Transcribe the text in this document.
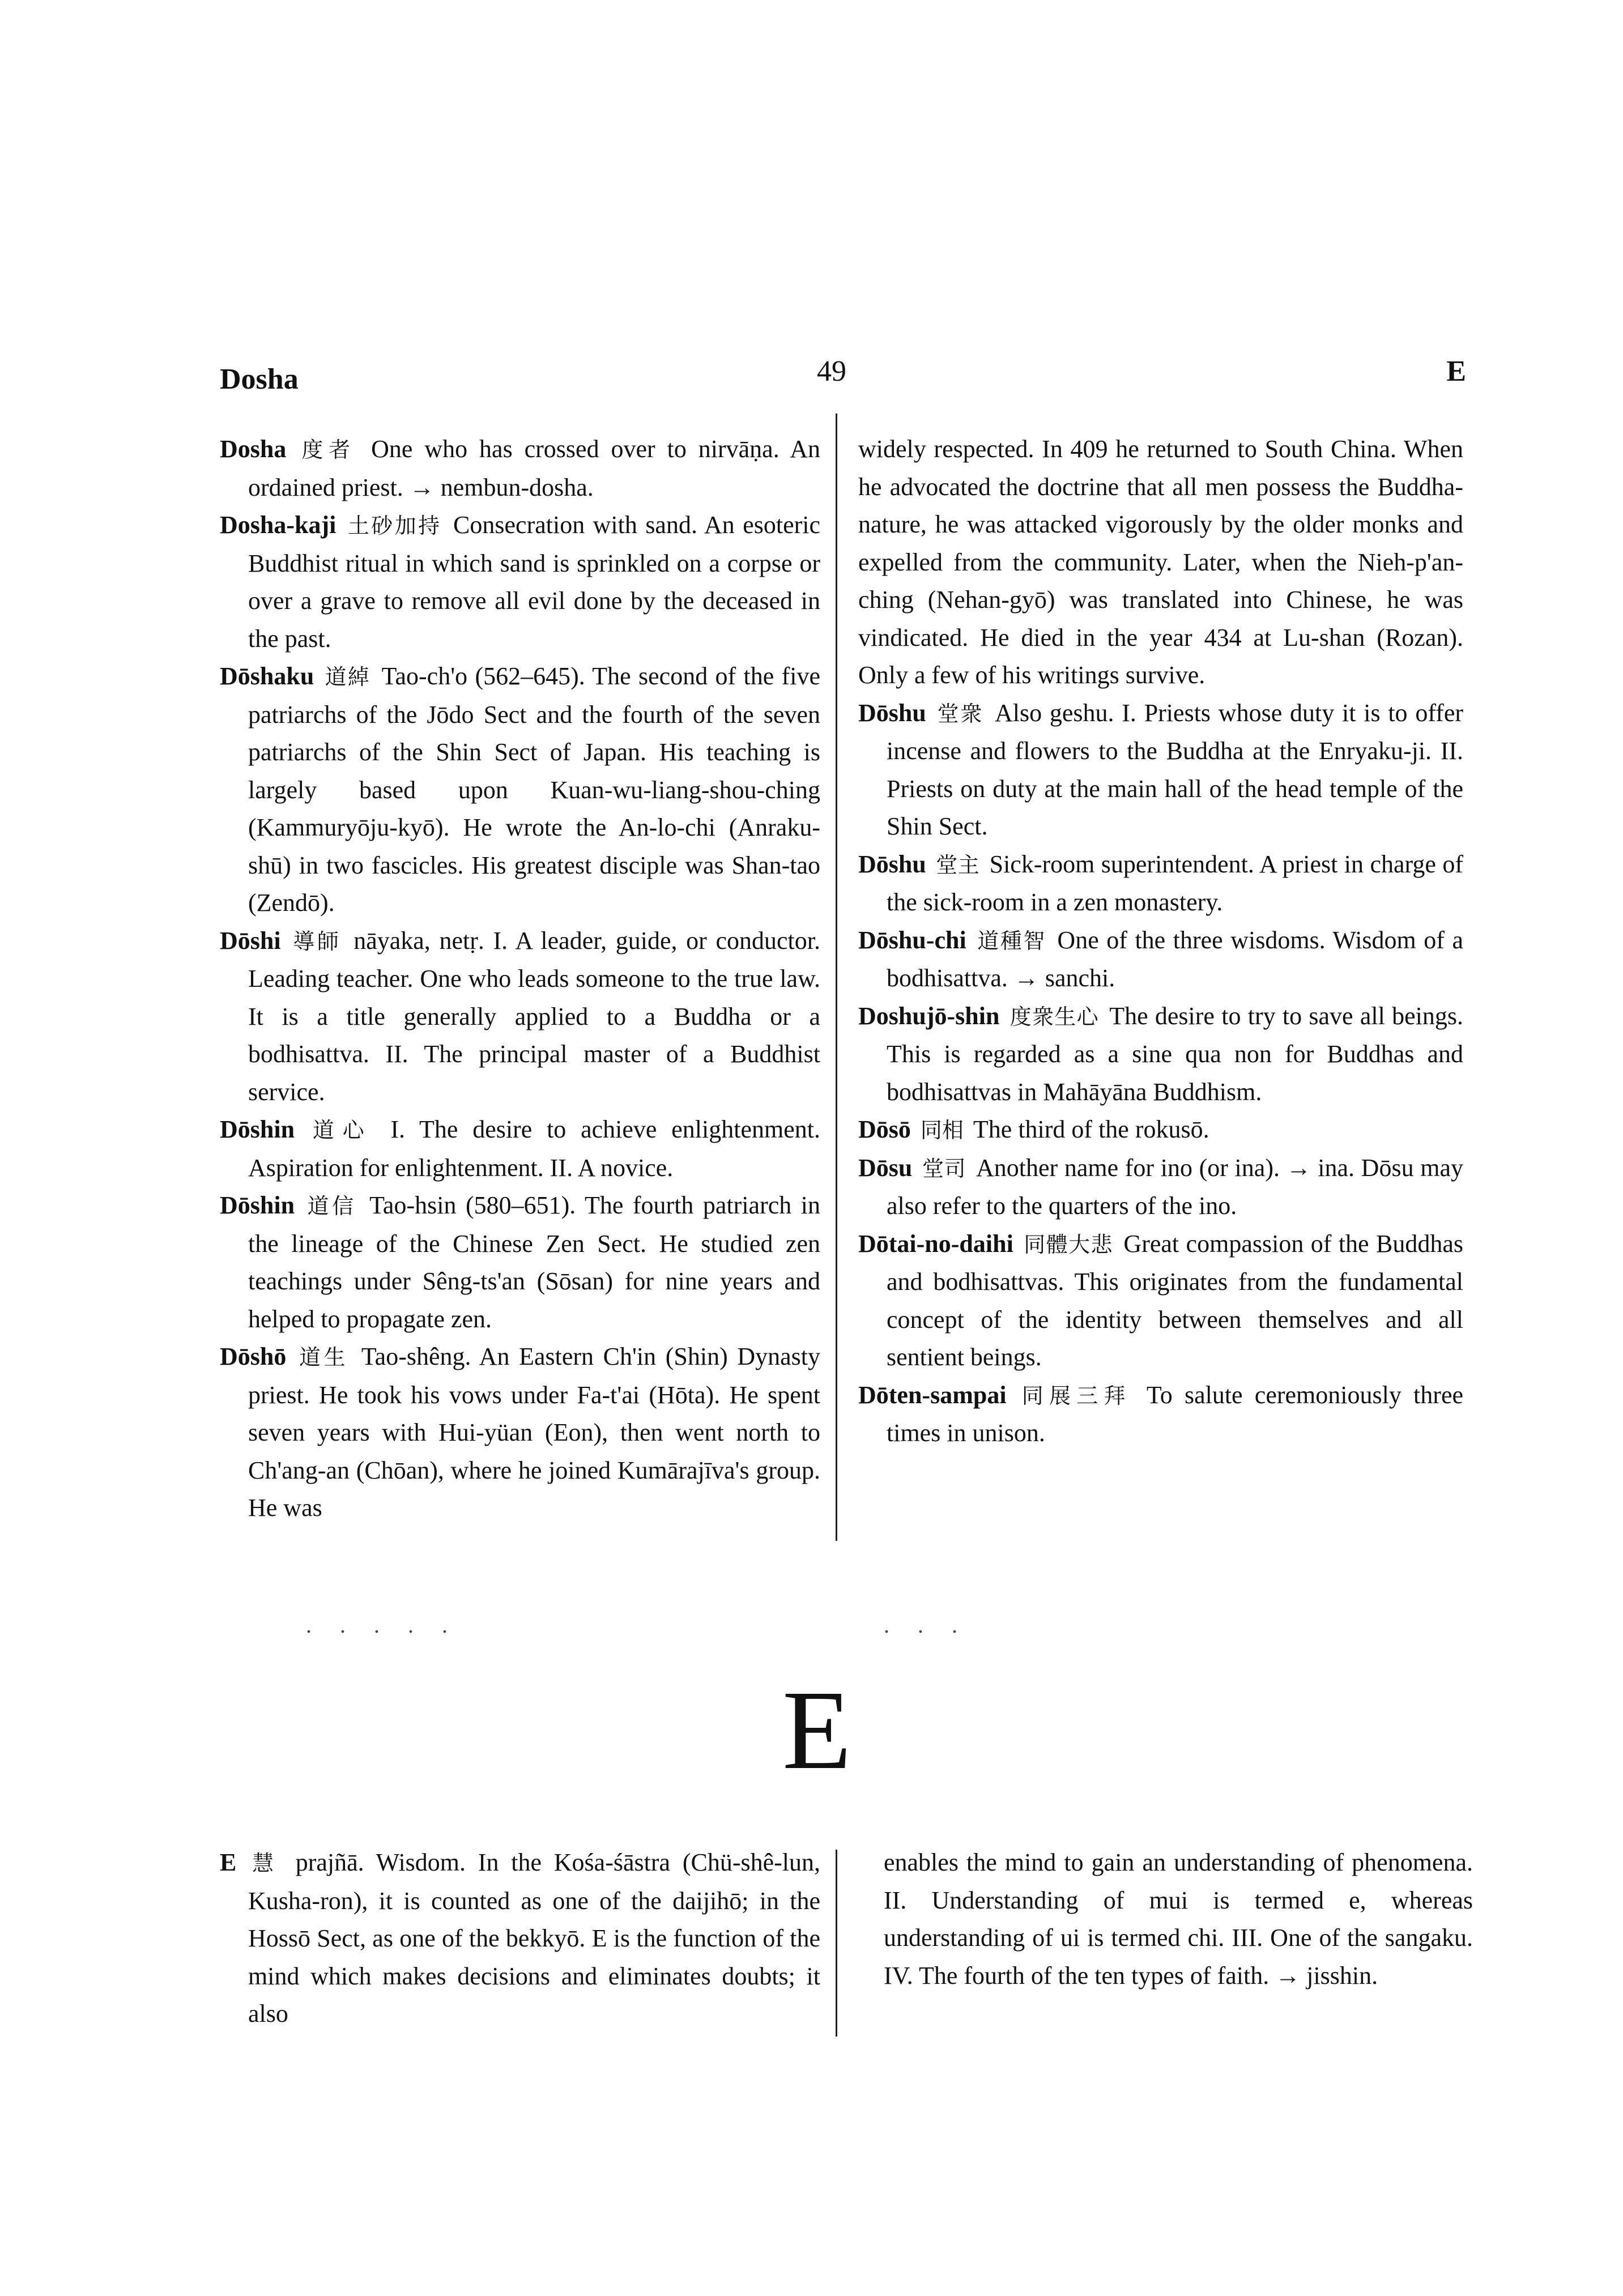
Dosha	49	E

Dosha 度者 One who has crossed over to nirvāṇa. An ordained priest. → nembun-dosha.

Dosha-kaji 土砂加持 Consecration with sand. An esoteric Buddhist ritual in which sand is sprinkled on a corpse or over a grave to remove all evil done by the deceased in the past.

Dōshaku 道綽 Tao-ch'o (562–645). The second of the five patriarchs of the Jōdo Sect and the fourth of the seven patriarchs of the Shin Sect of Japan. His teaching is largely based upon Kuan-wu-liang-shou-ching (Kammuryōju-kyō). He wrote the An-lo-chi (Anraku-shū) in two fascicles. His greatest disciple was Shan-tao (Zendō).

Dōshi 導師 nāyaka, netṛ. I. A leader, guide, or conductor. Leading teacher. One who leads someone to the true law. It is a title generally applied to a Buddha or a bodhisattva. II. The principal master of a Buddhist service.

Dōshin 道心 I. The desire to achieve enlightenment. Aspiration for enlightenment. II. A novice.

Dōshin 道信 Tao-hsin (580–651). The fourth patriarch in the lineage of the Chinese Zen Sect. He studied zen teachings under Sêng-ts'an (Sōsan) for nine years and helped to propagate zen.

Dōshō 道生 Tao-shêng. An Eastern Ch'in (Shin) Dynasty priest. He took his vows under Fa-t'ai (Hōta). He spent seven years with Hui-yüan (Eon), then went north to Ch'ang-an (Chōan), where he joined Kumārajīva's group. He was

widely respected. In 409 he returned to South China. When he advocated the doctrine that all men possess the Buddha-nature, he was attacked vigorously by the older monks and expelled from the community. Later, when the Nieh-p'an-ching (Nehan-gyō) was translated into Chinese, he was vindicated. He died in the year 434 at Lu-shan (Rozan). Only a few of his writings survive.

Dōshu 堂衆 Also geshu. I. Priests whose duty it is to offer incense and flowers to the Buddha at the Enryaku-ji. II. Priests on duty at the main hall of the head temple of the Shin Sect.

Dōshu 堂主 Sick-room superintendent. A priest in charge of the sick-room in a zen monastery.

Dōshu-chi 道種智 One of the three wisdoms. Wisdom of a bodhisattva. → sanchi.

Doshujō-shin 度衆生心 The desire to try to save all beings. This is regarded as a sine qua non for Buddhas and bodhisattvas in Mahāyāna Buddhism.

Dōsō 同相 The third of the rokusō.

Dōsu 堂司 Another name for ino (or ina). → ina. Dōsu may also refer to the quarters of the ino.

Dōtai-no-daihi 同體大悲 Great compassion of the Buddhas and bodhisattvas. This originates from the fundamental concept of the identity between themselves and all sentient beings.

Dōten-sampai 同展三拜 To salute ceremoniously three times in unison.

. . . . .	. . .
E

E 慧 prajñā. Wisdom. In the Kośa-śāstra (Chü-shê-lun, Kusha-ron), it is counted as one of the daijihō; in the Hossō Sect, as one of the bekkyō. E is the function of the mind which makes decisions and eliminates doubts; it also

enables the mind to gain an understanding of phenomena. II. Understanding of mui is termed e, whereas understanding of ui is termed chi. III. One of the sangaku. IV. The fourth of the ten types of faith. → jisshin.
